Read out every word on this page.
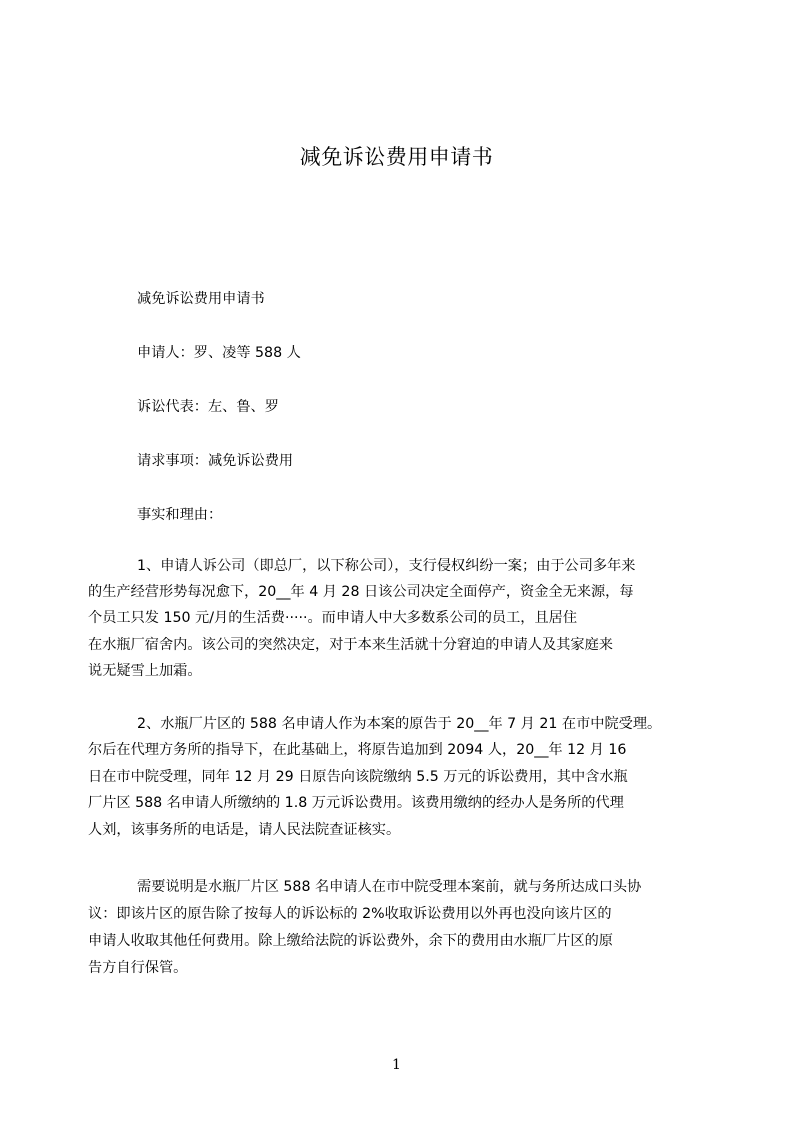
减免诉讼费用申请书
减免诉讼费用申请书
申请人：罗、凌等 588 人
诉讼代表：左、鲁、罗
请求事项：减免诉讼费用
事实和理由：
1、申请人诉公司（即总厂，以下称公司），支行侵权纠纷一案；由于公司多年来
的生产经营形势每况愈下，20__年 4 月 28 日该公司决定全面停产，资金全无来源，每
个员工只发 150 元/月的生活费·····。而申请人中大多数系公司的员工，且居住
在水瓶厂宿舍内。该公司的突然决定，对于本来生活就十分窘迫的申请人及其家庭来
说无疑雪上加霜。
2、水瓶厂片区的 588 名申请人作为本案的原告于 20__年 7 月 21 在市中院受理。
尔后在代理方务所的指导下，在此基础上，将原告追加到 2094 人，20__年 12 月 16
日在市中院受理，同年 12 月 29 日原告向该院缴纳 5.5 万元的诉讼费用，其中含水瓶
厂片区 588 名申请人所缴纳的 1.8 万元诉讼费用。该费用缴纳的经办人是务所的代理
人刘，该事务所的电话是，请人民法院查证核实。
需要说明是水瓶厂片区 588 名申请人在市中院受理本案前，就与务所达成口头协
议：即该片区的原告除了按每人的诉讼标的 2%收取诉讼费用以外再也没向该片区的
申请人收取其他任何费用。除上缴给法院的诉讼费外，余下的费用由水瓶厂片区的原
告方自行保管。
1
